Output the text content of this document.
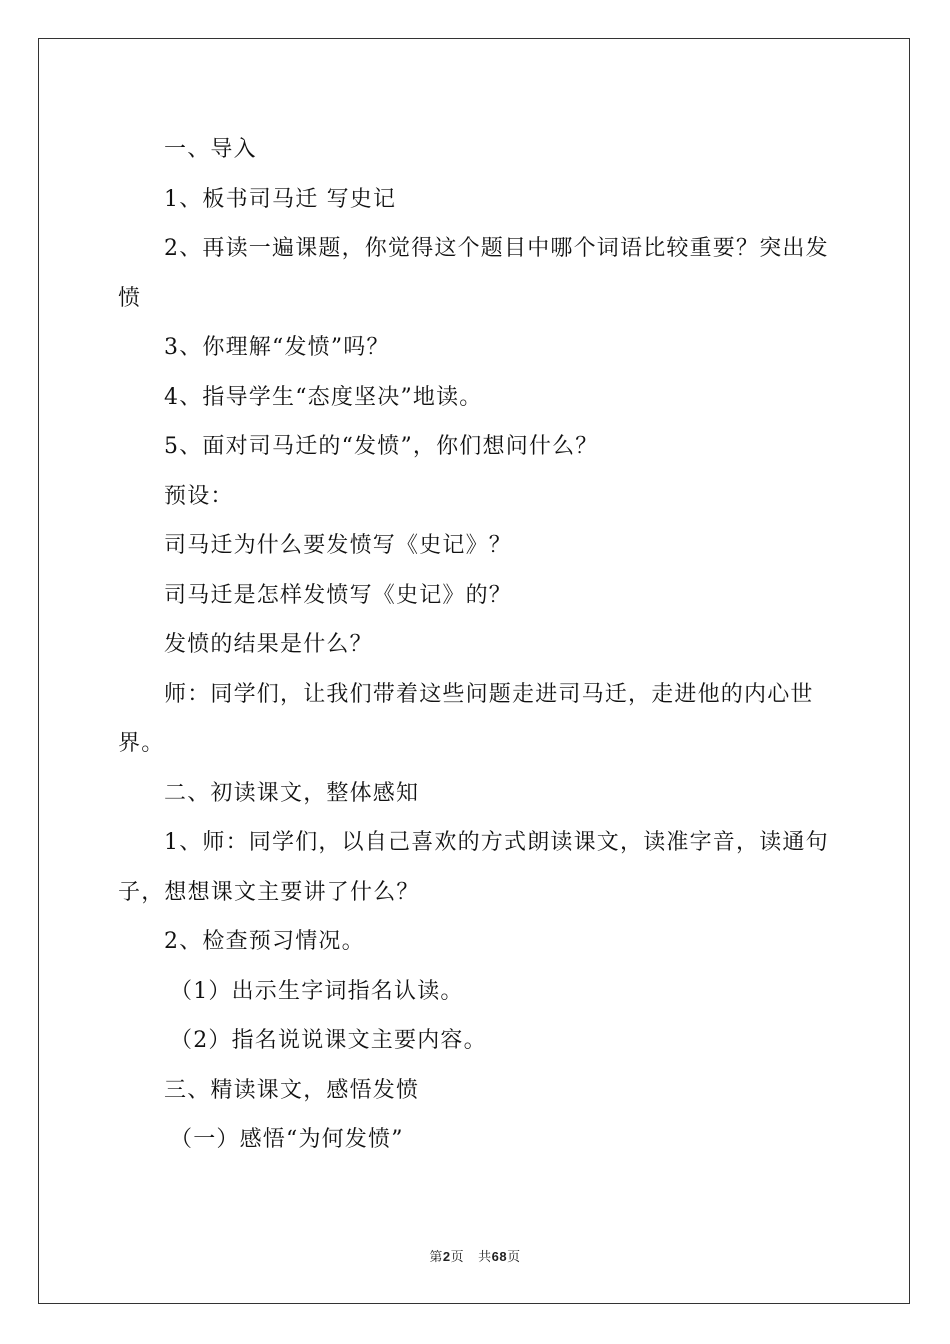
一、导入

1、板书司马迁 写史记

2、再读一遍课题，你觉得这个题目中哪个词语比较重要？突出发愤

3、你理解“发愤”吗？

4、指导学生“态度坚决”地读。

5、面对司马迁的“发愤”，你们想问什么？

预设：

司马迁为什么要发愤写《史记》？

司马迁是怎样发愤写《史记》的？

发愤的结果是什么？

师：同学们，让我们带着这些问题走进司马迁，走进他的内心世界。

二、初读课文，整体感知

1、师：同学们，以自己喜欢的方式朗读课文，读准字音，读通句子，想想课文主要讲了什么？

2、检查预习情况。

（1）出示生字词指名认读。

（2）指名说说课文主要内容。

三、精读课文，感悟发愤

（一）感悟“为何发愤”

第2页 共68页
